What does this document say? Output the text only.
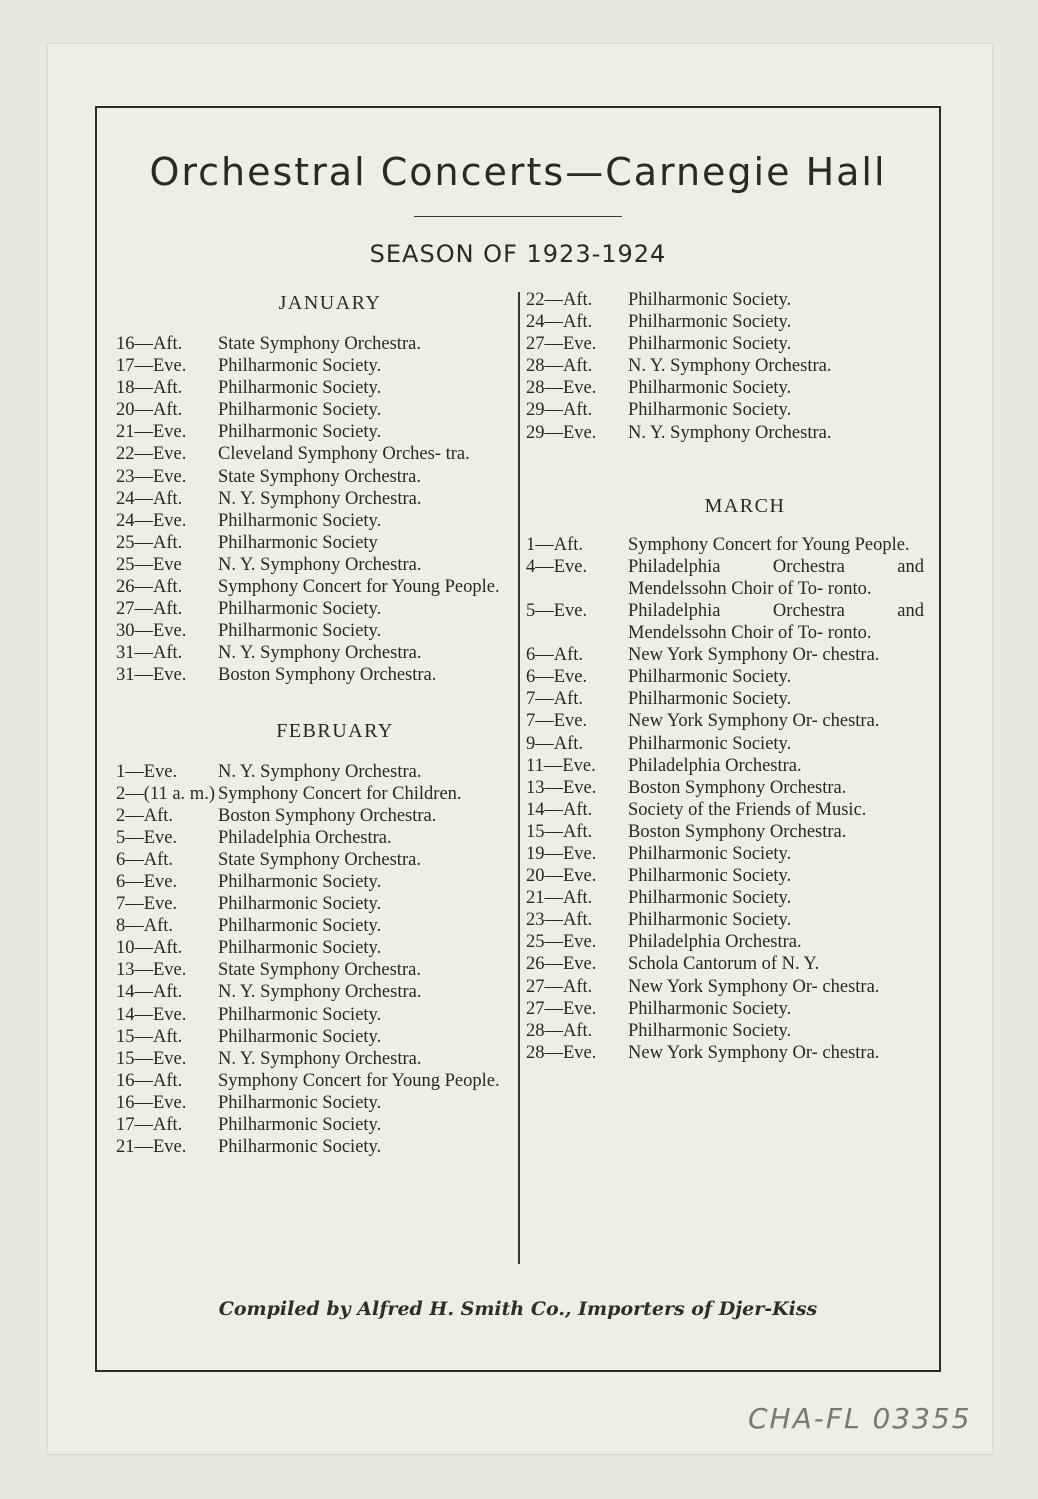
Orchestral Concerts—Carnegie Hall
SEASON OF 1923-1924
JANUARY
16—Aft.	State Symphony Orchestra.
17—Eve.	Philharmonic Society.
18—Aft.	Philharmonic Society.
20—Aft.	Philharmonic Society.
21—Eve.	Philharmonic Society.
22—Eve.	Cleveland Symphony Orches- tra.
23—Eve.	State Symphony Orchestra.
24—Aft.	N. Y. Symphony Orchestra.
24—Eve.	Philharmonic Society.
25—Aft.	Philharmonic Society
25—Eve	N. Y. Symphony Orchestra.
26—Aft.	Symphony Concert for Young People.
27—Aft.	Philharmonic Society.
30—Eve.	Philharmonic Society.
31—Aft.	N. Y. Symphony Orchestra.
31—Eve.	Boston Symphony Orchestra.
FEBRUARY
1—Eve.	N. Y. Symphony Orchestra.
2—(11 a. m.) Symphony Concert for Children.
2—Aft.	Boston Symphony Orchestra.
5—Eve.	Philadelphia Orchestra.
6—Aft.	State Symphony Orchestra.
6—Eve.	Philharmonic Society.
7—Eve.	Philharmonic Society.
8—Aft.	Philharmonic Society.
10—Aft.	Philharmonic Society.
13—Eve.	State Symphony Orchestra.
14—Aft.	N. Y. Symphony Orchestra.
14—Eve.	Philharmonic Society.
15—Aft.	Philharmonic Society.
15—Eve.	N. Y. Symphony Orchestra.
16—Aft.	Symphony Concert for Young People.
16—Eve.	Philharmonic Society.
17—Aft.	Philharmonic Society.
21—Eve.	Philharmonic Society.
22—Aft.	Philharmonic Society.
24—Aft.	Philharmonic Society.
27—Eve.	Philharmonic Society.
28—Aft.	N. Y. Symphony Orchestra.
28—Eve.	Philharmonic Society.
29—Aft.	Philharmonic Society.
29—Eve.	N. Y. Symphony Orchestra.
MARCH
1—Aft.	Symphony Concert for Young People.
4—Eve.	Philadelphia Orchestra and Mendelssohn Choir of To- ronto.
5—Eve.	Philadelphia Orchestra and Mendelssohn Choir of To- ronto.
6—Aft.	New York Symphony Or- chestra.
6—Eve.	Philharmonic Society.
7—Aft.	Philharmonic Society.
7—Eve.	New York Symphony Or- chestra.
9—Aft.	Philharmonic Society.
11—Eve.	Philadelphia Orchestra.
13—Eve.	Boston Symphony Orchestra.
14—Aft.	Society of the Friends of Music.
15—Aft.	Boston Symphony Orchestra.
19—Eve.	Philharmonic Society.
20—Eve.	Philharmonic Society.
21—Aft.	Philharmonic Society.
23—Aft.	Philharmonic Society.
25—Eve.	Philadelphia Orchestra.
26—Eve.	Schola Cantorum of N. Y.
27—Aft.	New York Symphony Or- chestra.
27—Eve.	Philharmonic Society.
28—Aft.	Philharmonic Society.
28—Eve.	New York Symphony Or- chestra.
Compiled by Alfred H. Smith Co., Importers of Djer-Kiss
CHA-FL 03355
